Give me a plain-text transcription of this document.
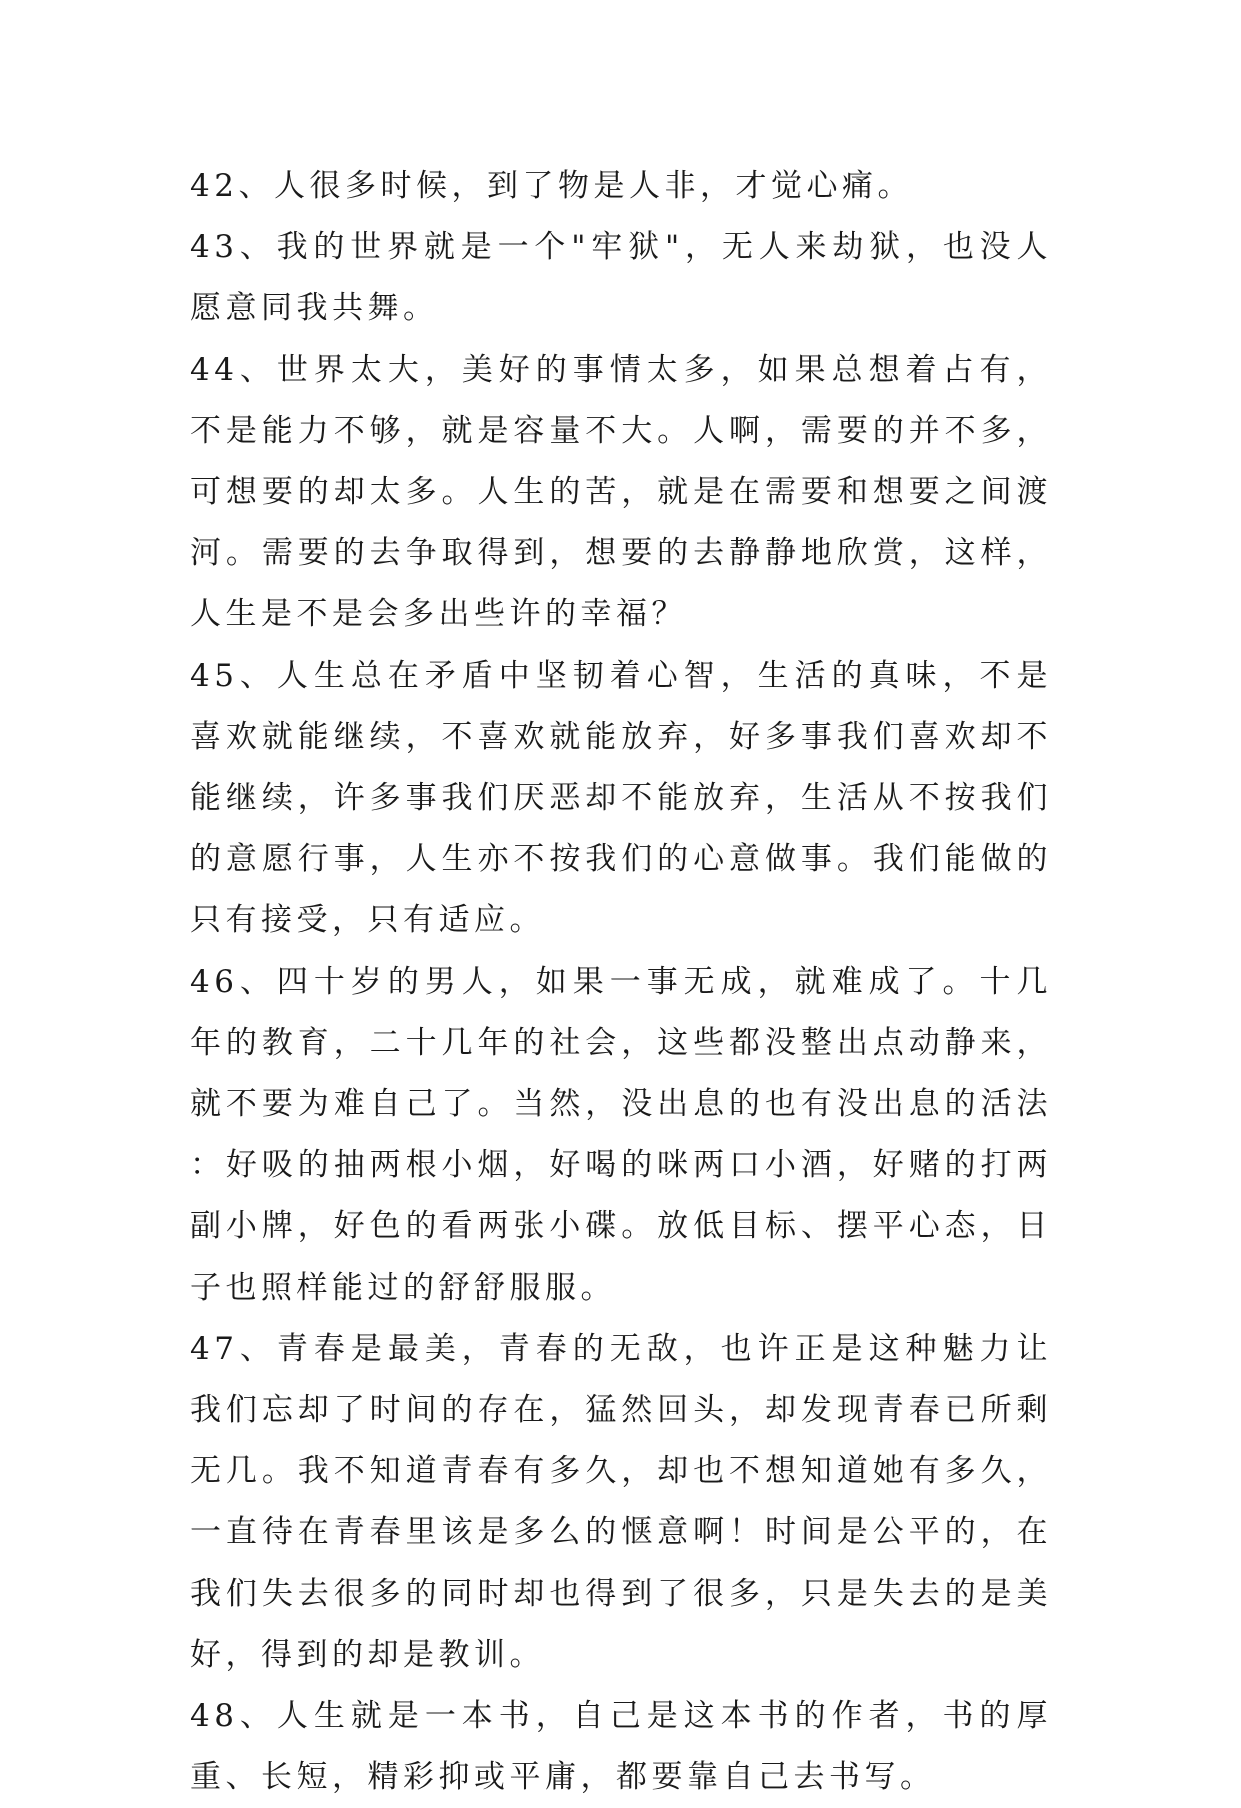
42、人很多时候，到了物是人非，才觉心痛。

43、我的世界就是一个"牢狱"，无人来劫狱，也没人愿意同我共舞。

44、世界太大，美好的事情太多，如果总想着占有，不是能力不够，就是容量不大。人啊，需要的并不多，可想要的却太多。人生的苦，就是在需要和想要之间渡河。需要的去争取得到，想要的去静静地欣赏，这样，人生是不是会多出些许的幸福？

45、人生总在矛盾中坚韧着心智，生活的真味，不是喜欢就能继续，不喜欢就能放弃，好多事我们喜欢却不能继续，许多事我们厌恶却不能放弃，生活从不按我们的意愿行事，人生亦不按我们的心意做事。我们能做的只有接受，只有适应。

46、四十岁的男人，如果一事无成，就难成了。十几年的教育，二十几年的社会，这些都没整出点动静来，就不要为难自己了。当然，没出息的也有没出息的活法：好吸的抽两根小烟，好喝的咪两口小酒，好赌的打两副小牌，好色的看两张小碟。放低目标、摆平心态，日子也照样能过的舒舒服服。

47、青春是最美，青春的无敌，也许正是这种魅力让我们忘却了时间的存在，猛然回头，却发现青春已所剩无几。我不知道青春有多久，却也不想知道她有多久，一直待在青春里该是多么的惬意啊！时间是公平的，在我们失去很多的同时却也得到了很多，只是失去的是美好，得到的却是教训。

48、人生就是一本书，自己是这本书的作者，书的厚重、长短，精彩抑或平庸，都要靠自己去书写。
